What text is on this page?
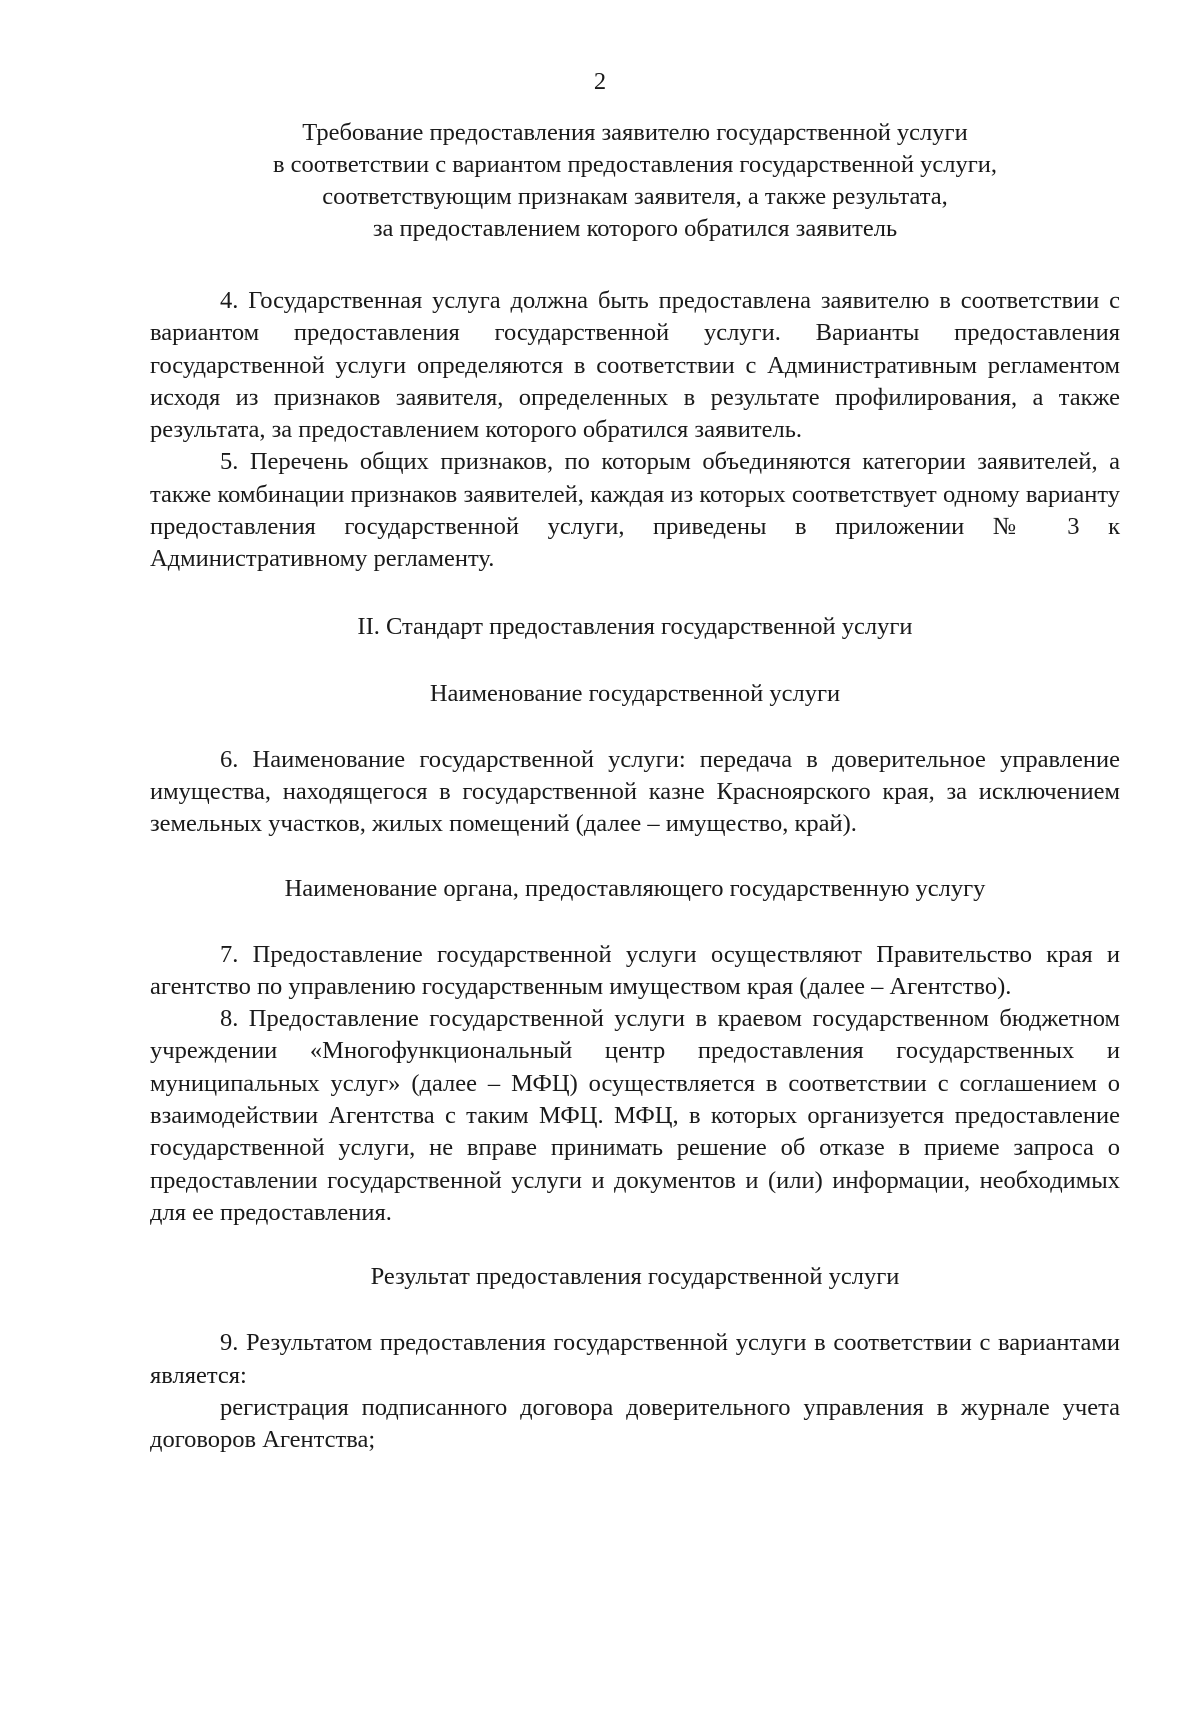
2
Требование предоставления заявителю государственной услуги
в соответствии с вариантом предоставления государственной услуги,
соответствующим признакам заявителя, а также результата,
за предоставлением которого обратился заявитель

4. Государственная услуга должна быть предоставлена заявителю в соответствии с вариантом предоставления государственной услуги. Варианты предоставления государственной услуги определяются в соответствии с Административным регламентом исходя из признаков заявителя, определенных в результате профилирования, а также результата, за предоставлением которого обратился заявитель.

5. Перечень общих признаков, по которым объединяются категории заявителей, а также комбинации признаков заявителей, каждая из которых соответствует одному варианту предоставления государственной услуги, приведены в приложении № 3 к Административному регламенту.

II. Стандарт предоставления государственной услуги
Наименование государственной услуги

6. Наименование государственной услуги: передача в доверительное управление имущества, находящегося в государственной казне Красноярского края, за исключением земельных участков, жилых помещений (далее – имущество, край).

Наименование органа, предоставляющего государственную услугу

7. Предоставление государственной услуги осуществляют Правительство края и агентство по управлению государственным имуществом края (далее – Агентство).

8. Предоставление государственной услуги в краевом государственном бюджетном учреждении «Многофункциональный центр предоставления государственных и муниципальных услуг» (далее – МФЦ) осуществляется в соответствии с соглашением о взаимодействии Агентства с таким МФЦ. МФЦ, в которых организуется предоставление государственной услуги, не вправе принимать решение об отказе в приеме запроса о предоставлении государственной услуги и документов и (или) информации, необходимых для ее предоставления.

Результат предоставления государственной услуги

9. Результатом предоставления государственной услуги в соответствии с вариантами является:

регистрация подписанного договора доверительного управления в журнале учета договоров Агентства;
